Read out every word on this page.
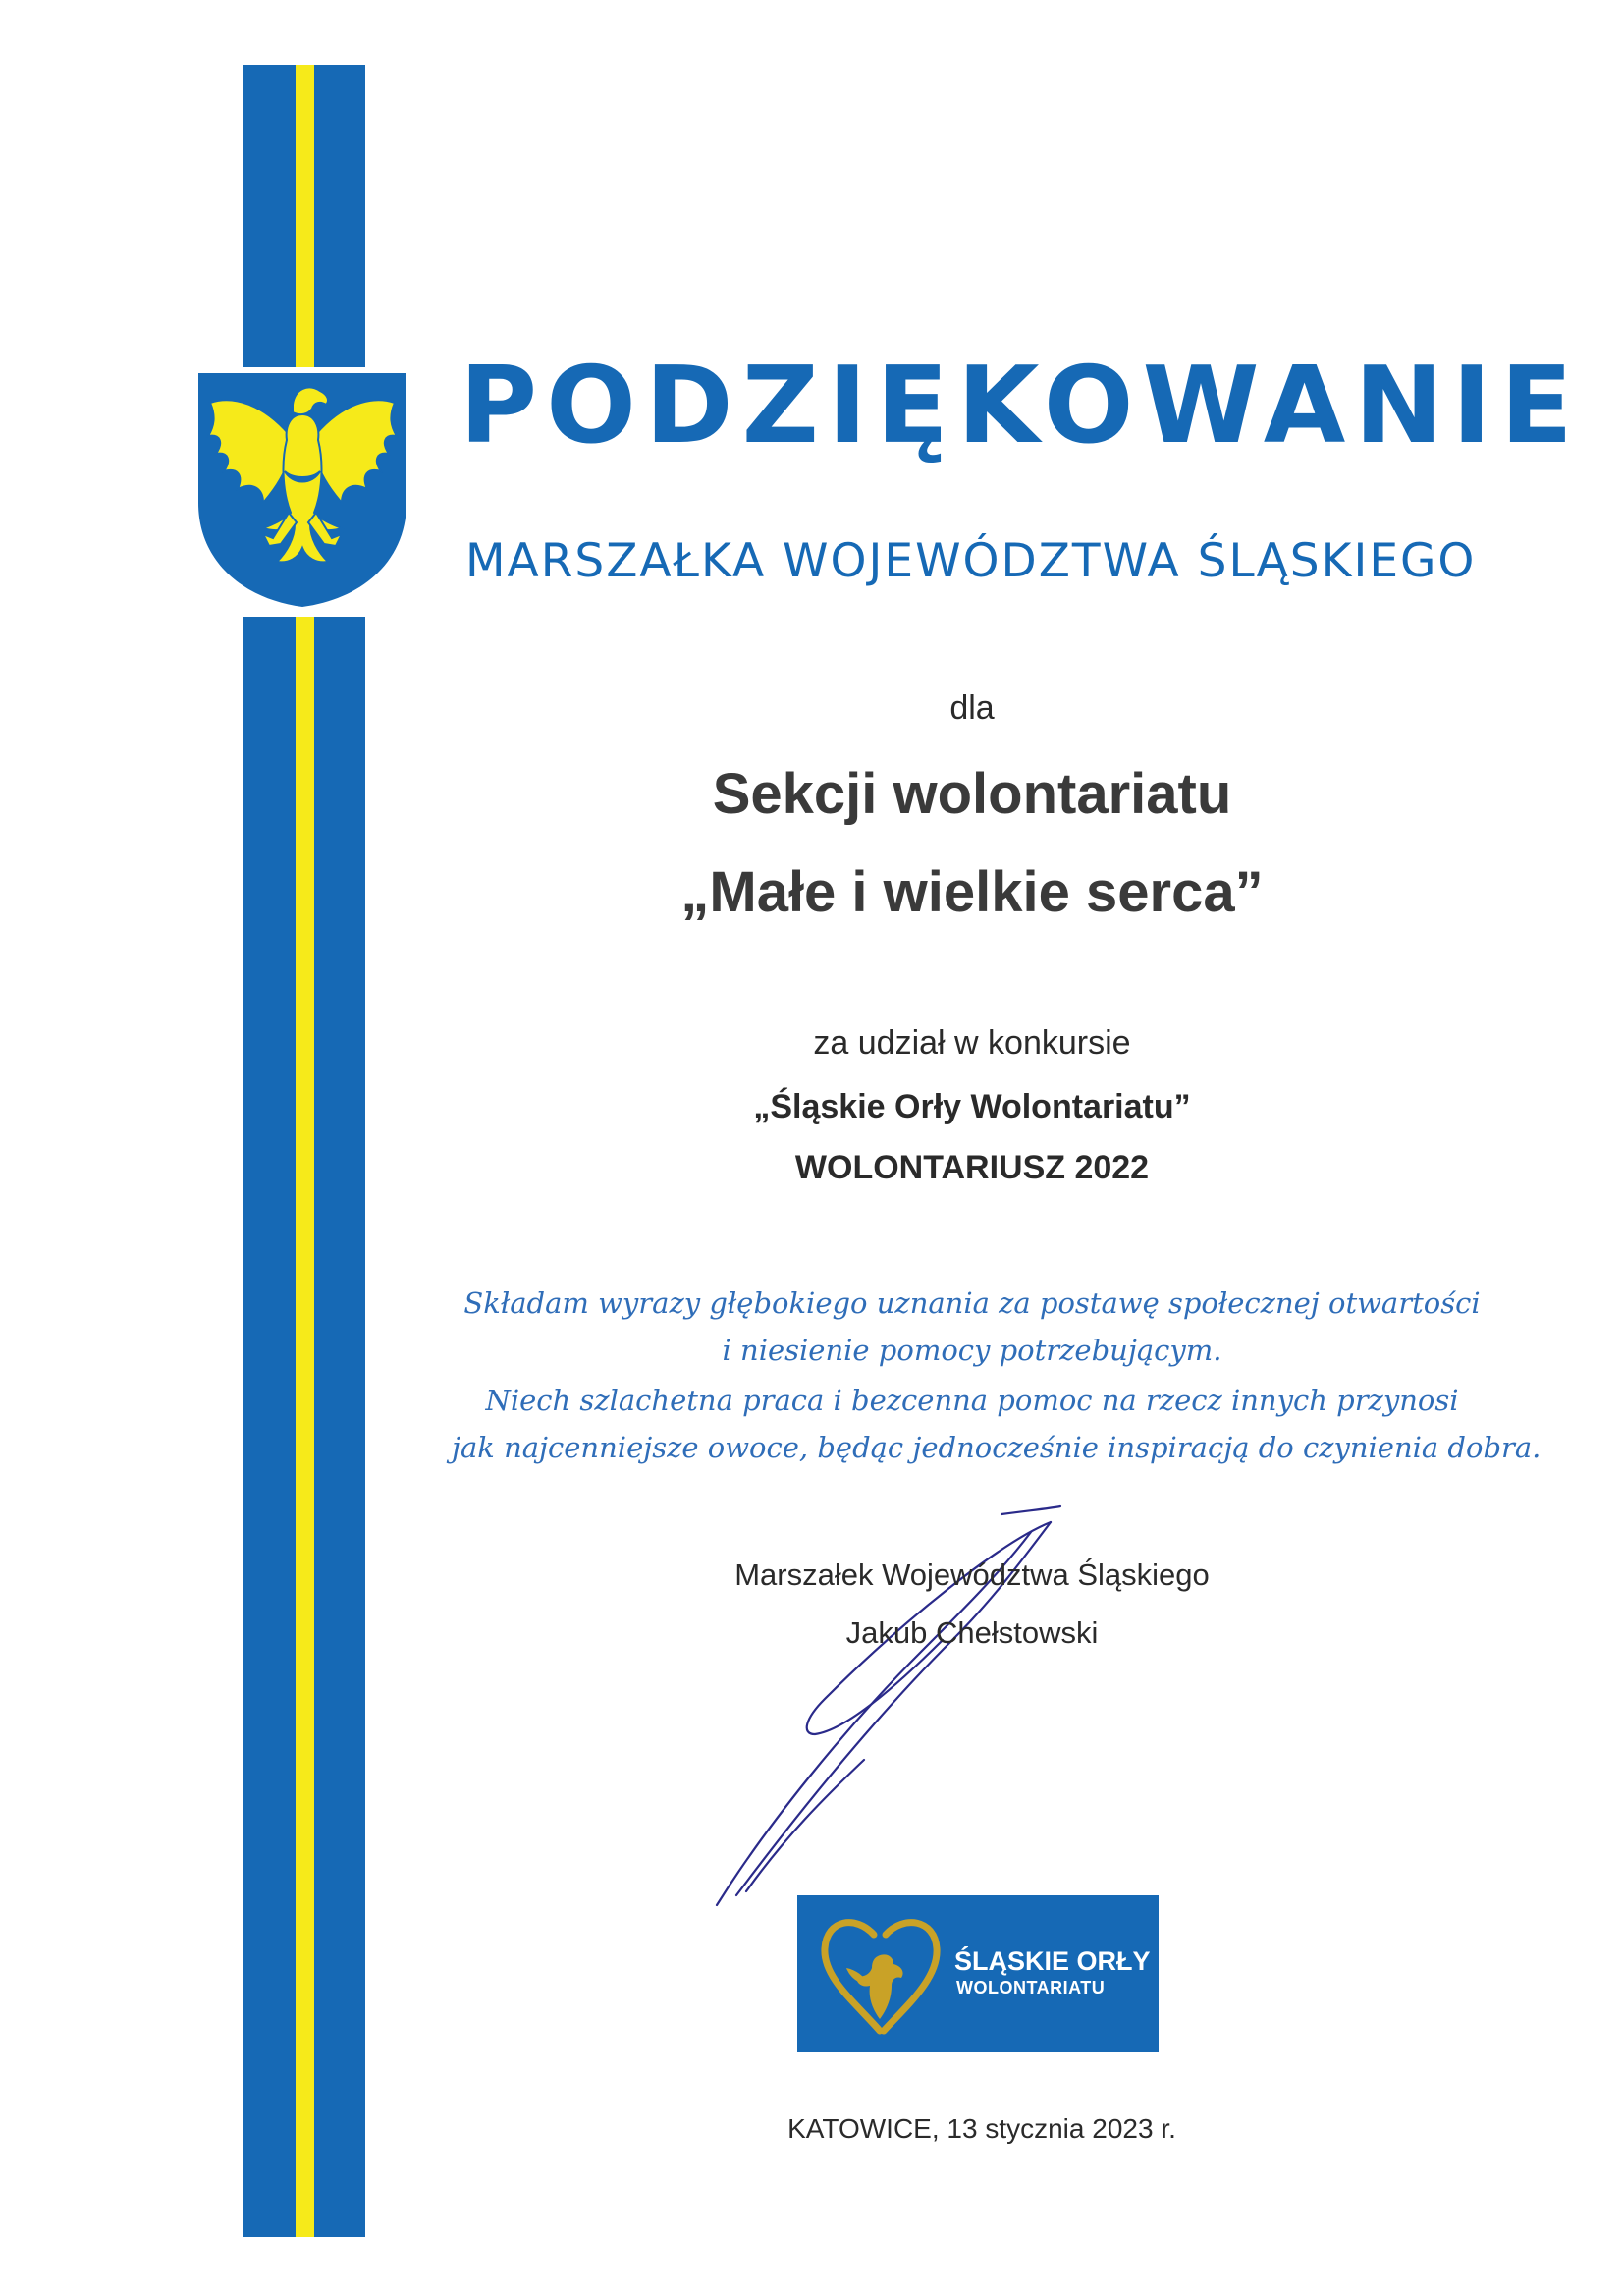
PODZIĘKOWANIE
MARSZAŁKA WOJEWÓDZTWA ŚLĄSKIEGO
dla
Sekcji wolontariatu
„Małe i wielkie serca”
za udział w konkursie
„Śląskie Orły Wolontariatu”
WOLONTARIUSZ 2022
Składam wyrazy głębokiego uznania za postawę społecznej otwartości
i niesienie pomocy potrzebującym.
Niech szlachetna praca i bezcenna pomoc na rzecz innych przynosi
jak najcenniejsze owoce, będąc jednocześnie inspiracją do czynienia dobra.
Marszałek Województwa Śląskiego
Jakub Chełstowski
ŚLĄSKIE ORŁY
WOLONTARIATU
KATOWICE, 13 stycznia 2023 r.
